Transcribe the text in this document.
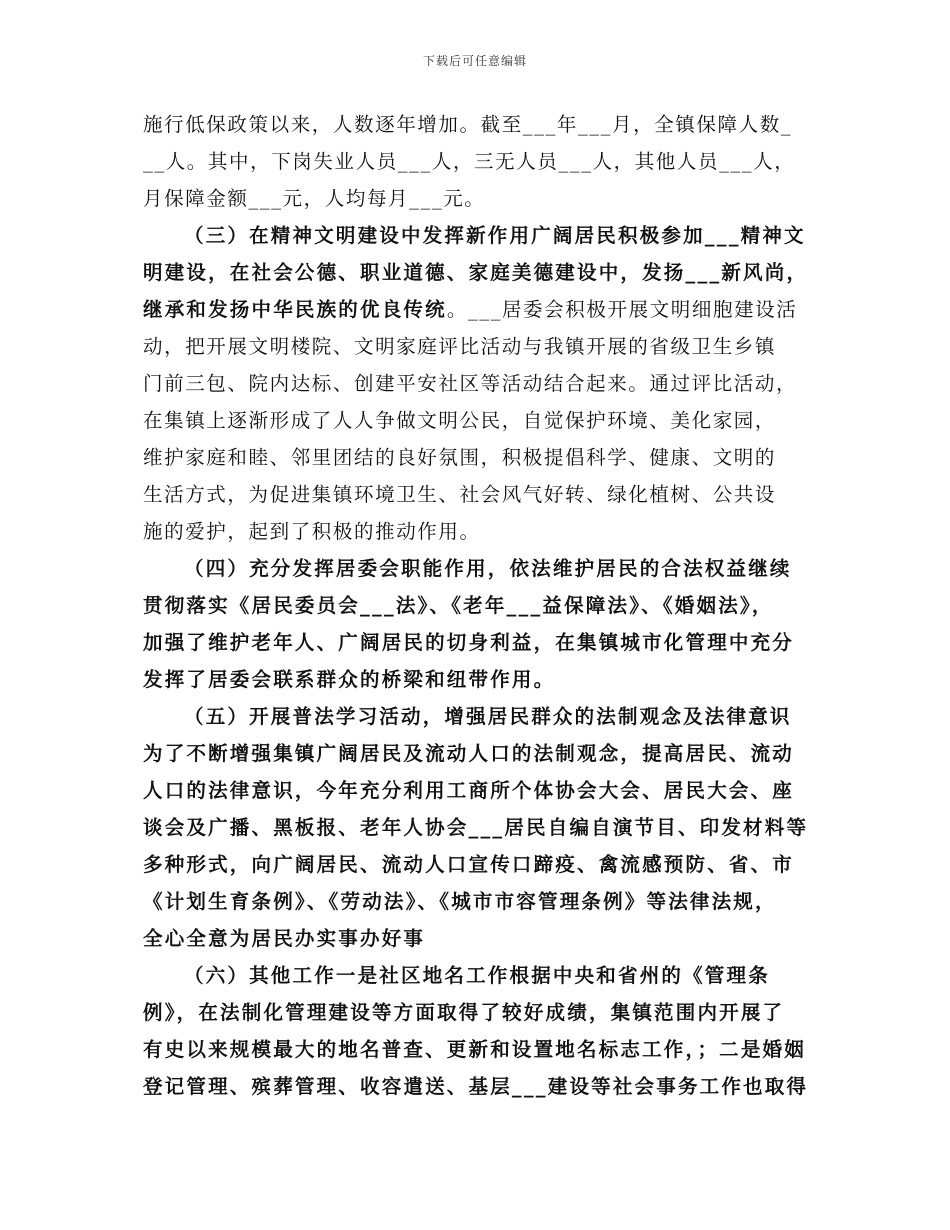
下载后可任意编辑
施行低保政策以来，人数逐年增加。截至___年___月，全镇保障人数_
__人。其中，下岗失业人员___人，三无人员___人，其他人员___人，
月保障金额___元，人均每月___元。
（三）在精神文明建设中发挥新作用广阔居民积极参加___精神文
明建设，在社会公德、职业道德、家庭美德建设中，发扬___新风尚，
继承和发扬中华民族的优良传统。___居委会积极开展文明细胞建设活
动，把开展文明楼院、文明家庭评比活动与我镇开展的省级卫生乡镇
门前三包、院内达标、创建平安社区等活动结合起来。通过评比活动，
在集镇上逐渐形成了人人争做文明公民，自觉保护环境、美化家园，
维护家庭和睦、邻里团结的良好氛围，积极提倡科学、健康、文明的
生活方式，为促进集镇环境卫生、社会风气好转、绿化植树、公共设
施的爱护，起到了积极的推动作用。
（四）充分发挥居委会职能作用，依法维护居民的合法权益继续
贯彻落实《居民委员会___法》、《老年___益保障法》、《婚姻法》，
加强了维护老年人、广阔居民的切身利益，在集镇城市化管理中充分
发挥了居委会联系群众的桥梁和纽带作用。
（五）开展普法学习活动，增强居民群众的法制观念及法律意识
为了不断增强集镇广阔居民及流动人口的法制观念，提高居民、流动
人口的法律意识，今年充分利用工商所个体协会大会、居民大会、座
谈会及广播、黑板报、老年人协会___居民自编自演节目、印发材料等
多种形式，向广阔居民、流动人口宣传口蹄疫、禽流感预防、省、市
《计划生育条例》、《劳动法》、《城市市容管理条例》等法律法规，
全心全意为居民办实事办好事
（六）其他工作一是社区地名工作根据中央和省州的《管理条
例》，在法制化管理建设等方面取得了较好成绩，集镇范围内开展了
有史以来规模最大的地名普查、更新和设置地名标志工作，；二是婚姻
登记管理、殡葬管理、收容遣送、基层___建设等社会事务工作也取得
